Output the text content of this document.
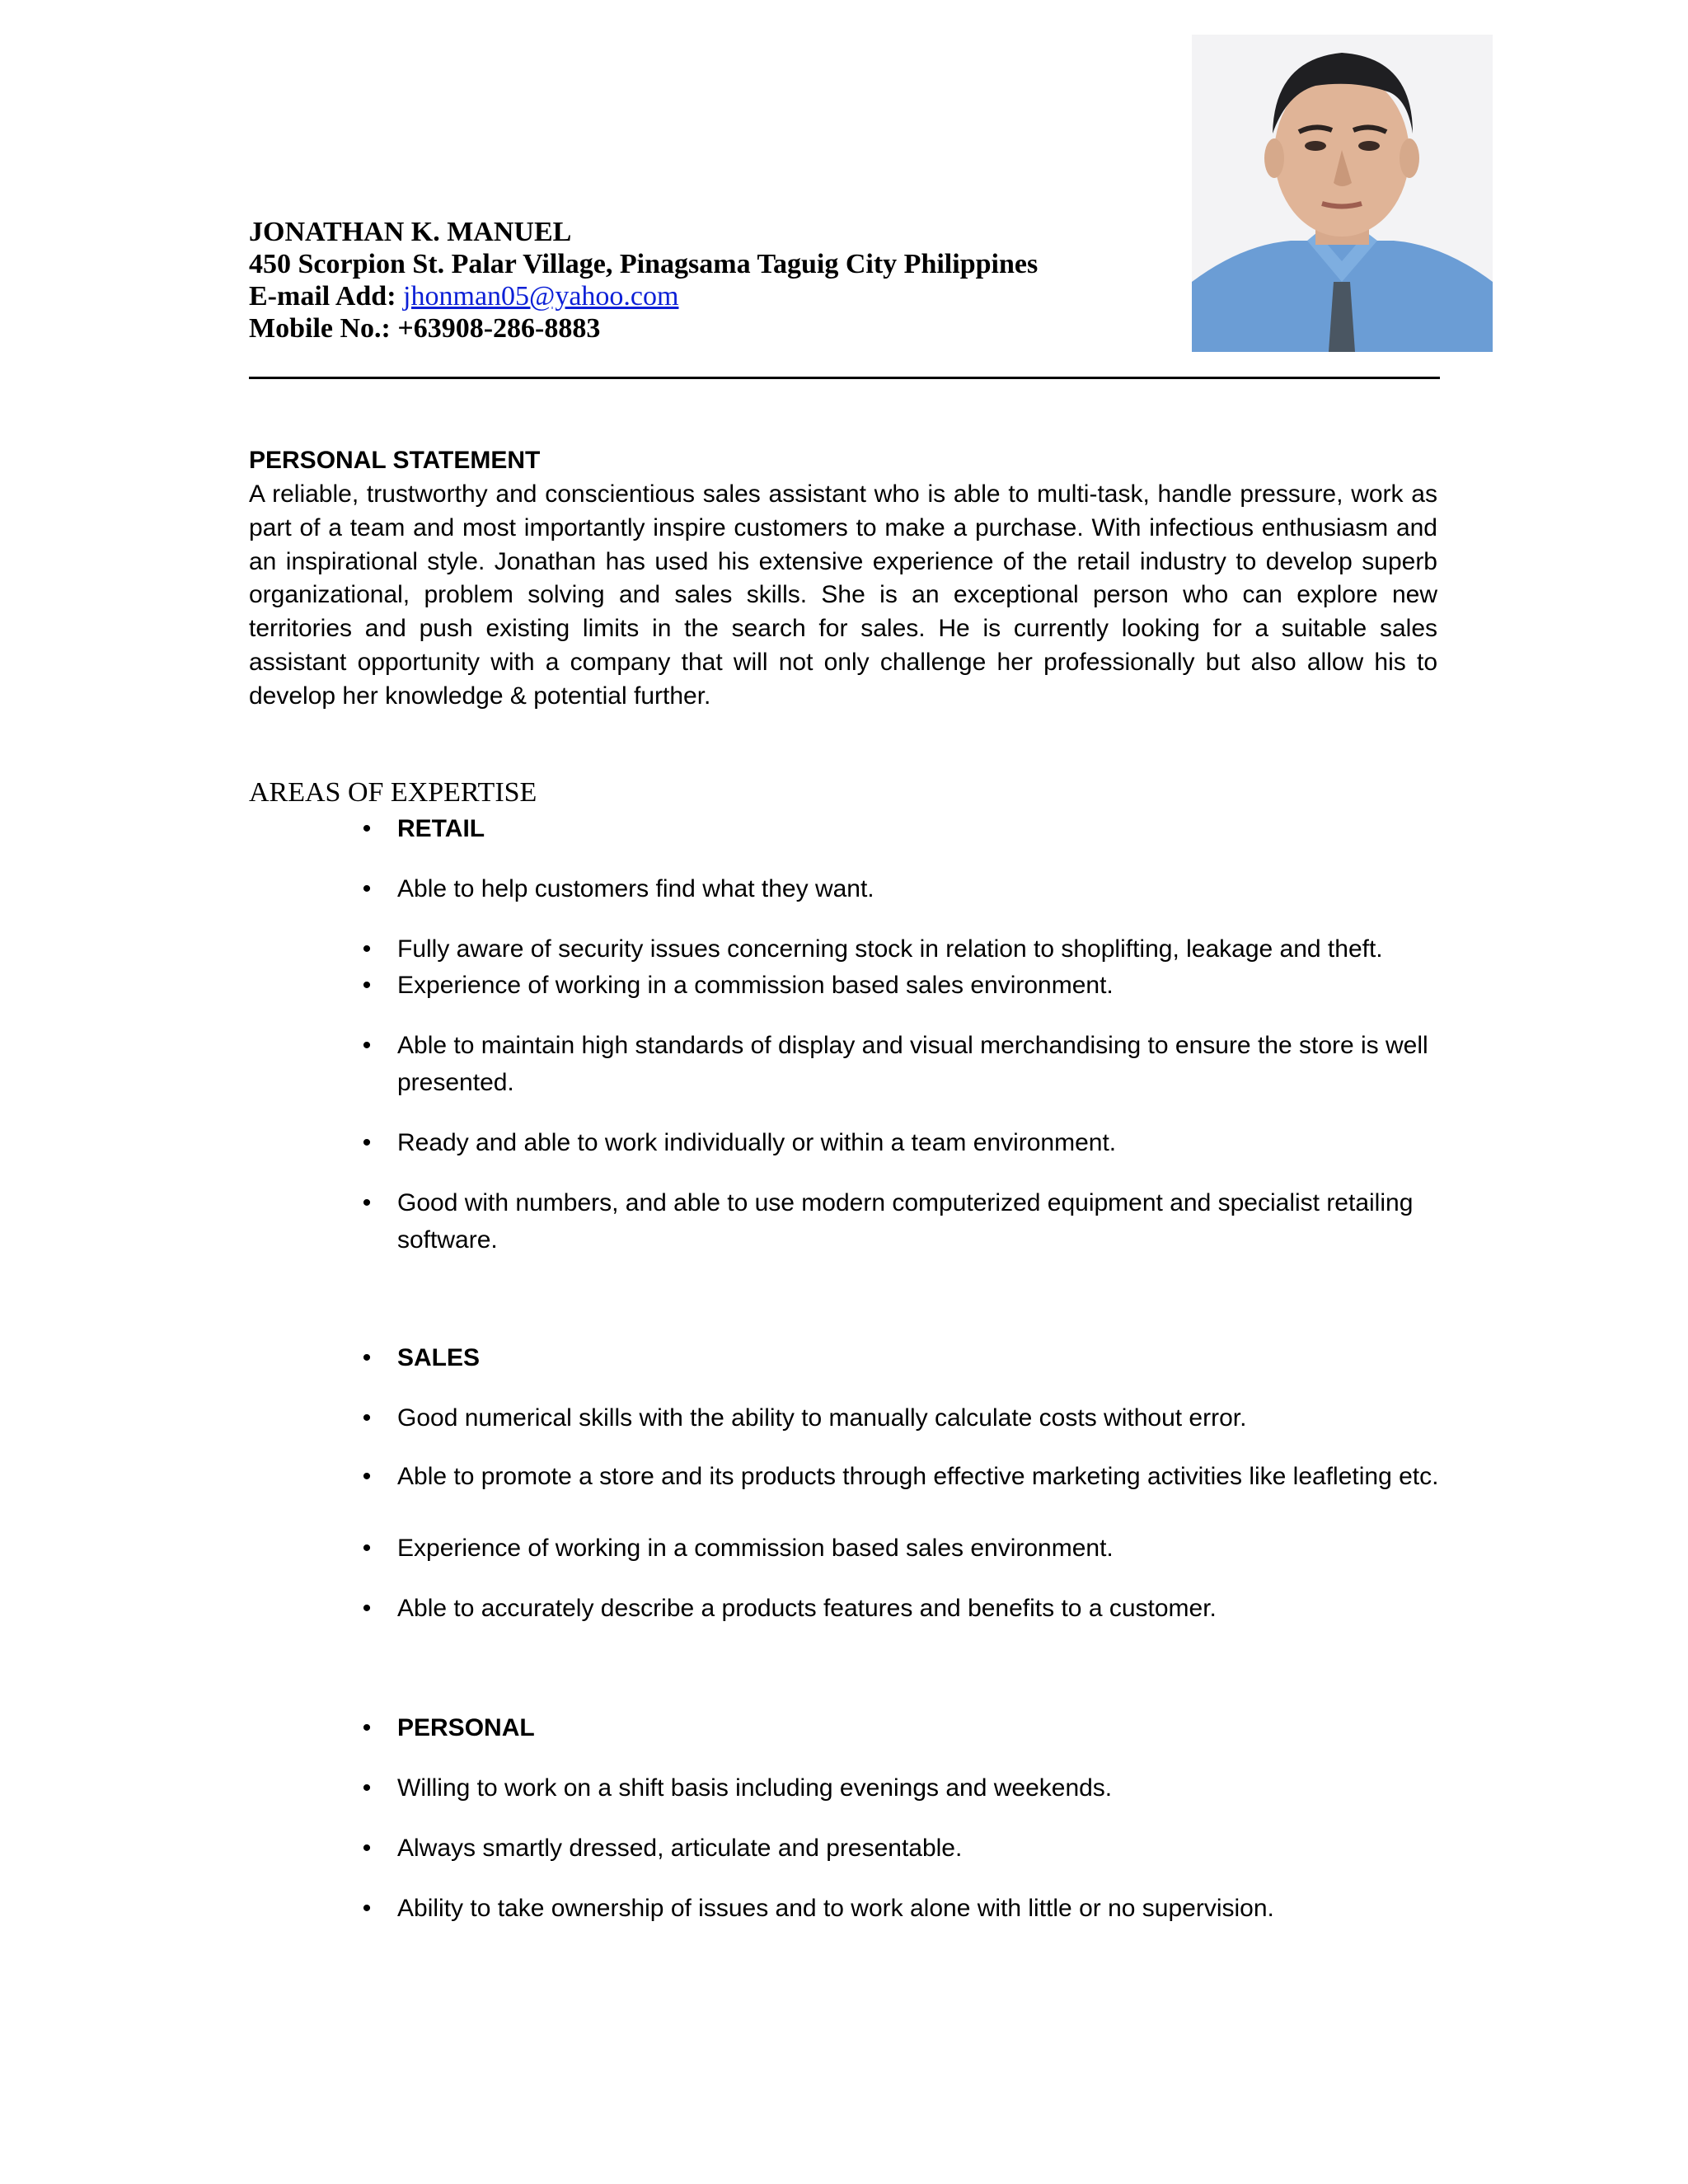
JONATHAN K. MANUEL
450 Scorpion St. Palar Village, Pinagsama Taguig City Philippines
E-mail Add: jhonman05@yahoo.com
Mobile No.: +63908-286-8883
PERSONAL STATEMENT
A reliable, trustworthy and conscientious sales assistant who is able to multi-task, handle pressure, work as part of a team and most importantly inspire customers to make a purchase. With infectious enthusiasm and an inspirational style. Jonathan has used his extensive experience of the retail industry to develop superb organizational, problem solving and sales skills. She is an exceptional person who can explore new territories and push existing limits in the search for sales. He is currently looking for a suitable sales assistant opportunity with a company that will not only challenge her professionally but also allow his to develop her knowledge & potential further.
AREAS OF EXPERTISE
•	RETAIL
•	Able to help customers find what they want.
•	Fully aware of security issues concerning stock in relation to shoplifting, leakage and theft.
•	Experience of working in a commission based sales environment.
•	Able to maintain high standards of display and visual merchandising to ensure the store is well presented.
•	Ready and able to work individually or within a team environment.
•	Good with numbers, and able to use modern computerized equipment and specialist retailing software.
•	SALES
•	Good numerical skills with the ability to manually calculate costs without error.
•	Able to promote a store and its products through effective marketing activities like leafleting etc.
•	Experience of working in a commission based sales environment.
•	Able to accurately describe a products features and benefits to a customer.
•	PERSONAL
•	Willing to work on a shift basis including evenings and weekends.
•	Always smartly dressed, articulate and presentable.
•	Ability to take ownership of issues and to work alone with little or no supervision.
